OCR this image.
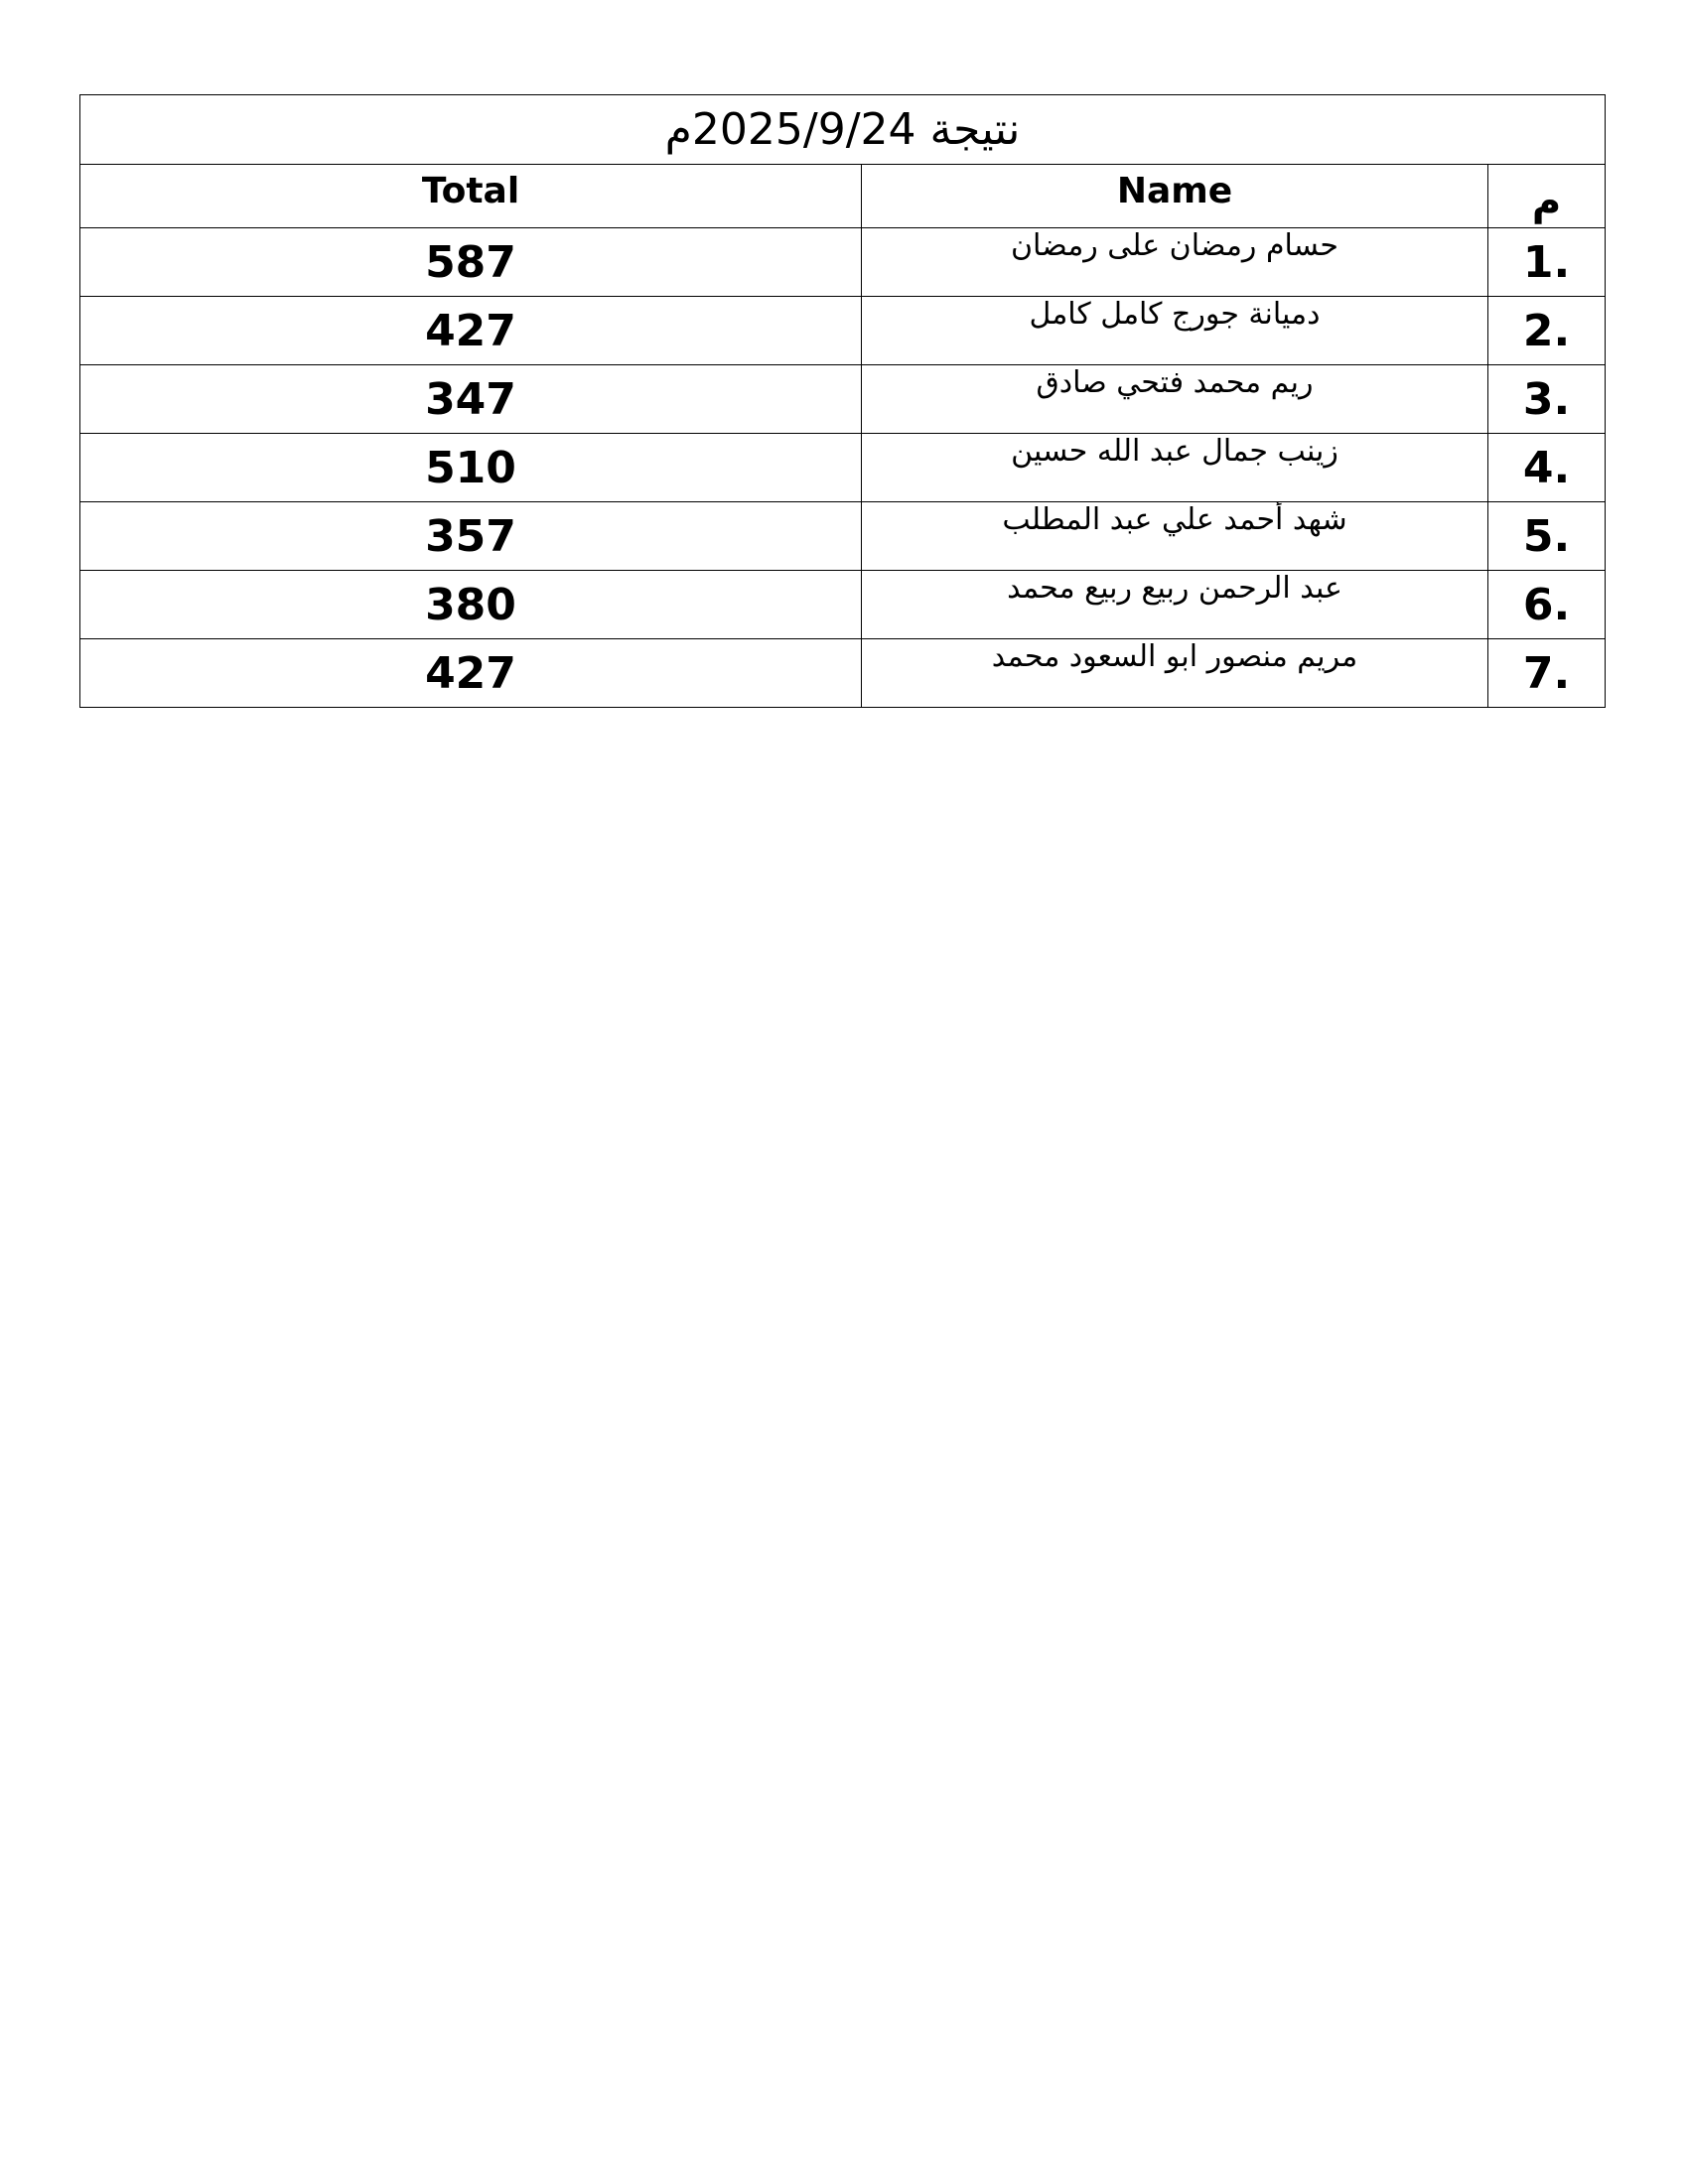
نتيجة 2025/9/24م		
Total	Name	م
587	حسام رمضان على رمضان	1.
427	دميانة جورج كامل كامل	2.
347	ريم محمد فتحي صادق	3.
510	زينب جمال عبد الله حسين	4.
357	شهد أحمد علي عبد المطلب	5.
380	عبد الرحمن ربيع ربيع محمد	6.
427	مريم منصور ابو السعود محمد	7.
